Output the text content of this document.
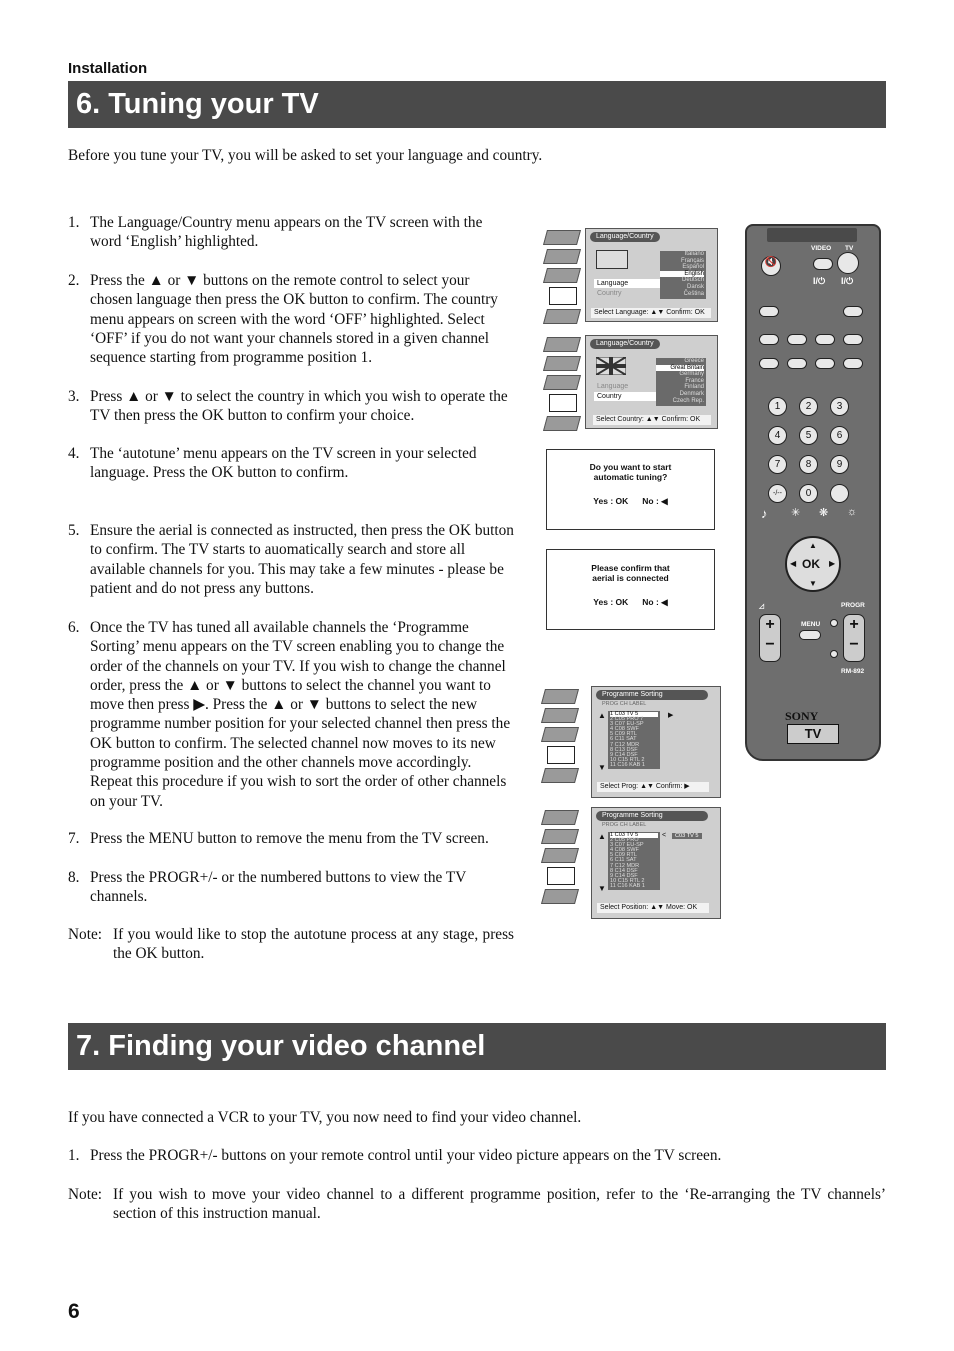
Installation
6. Tuning your TV
Before you tune your TV, you will be asked to set your language and country.
1. The Language/Country menu appears on the TV screen with the word ‘English’ highlighted.
2. Press the ▲ or ▼ buttons on the remote control to select your chosen language then press the OK button to confirm. The country menu appears on screen with the word ‘OFF’ highlighted. Select ‘OFF’ if you do not want your channels stored in a given channel sequence starting from programme position 1.
3. Press ▲ or ▼ to select the country in which you wish to operate the TV then press the OK button to confirm your choice.
4. The ‘autotune’ menu appears on the TV screen in your selected language. Press the OK button to confirm.
5. Ensure the aerial is connected as instructed, then press the OK button to confirm. The TV starts to auomatically search and store all available channels for you. This may take a few minutes - please be patient and do not press any buttons.
6. Once the TV has tuned all available channels the ‘Programme Sorting’ menu appears on the TV screen enabling you to change the order of the channels on your TV. If you wish to change the channel order, press the ▲ or ▼ buttons to select the channel you want to move then press ▶. Press the ▲ or ▼ buttons to select the new programme number position for your selected channel then press the OK button to confirm. The selected channel now moves to its new programme position and the other channels move accordingly. Repeat this procedure if you wish to sort the order of other channels on your TV.
7. Press the MENU button to remove the menu from the TV screen.
8. Press the PROGR+/- or the numbered buttons to view the TV channels.
Note: If you would like to stop the autotune process at any stage, press the OK button.
Language/Country
Language
Country
Italiano
Français
Español
English
Deutsch
Dansk
Čeština
Select Language: ▲▼ Confirm: OK
Language/Country
Language
Country
Greece
Great Britain
Germany
France
Finland
Denmark
Czech Rep.
Select Country: ▲▼ Confirm: OK
Do you want to start
automatic tuning?
Yes : OK No : ◀
Please confirm that
aerial is connected
Yes : OK No : ◀
Programme Sorting
PROG CH LABEL
▲
▼
▶
1 C03 TV 5
2 C05 PRO 7
3 C07 EU-SP
4 C08 SWF
5 C09 RTL
6 C11 SAT
7 C12 MDR
8 C13 DSF
9 C14 DSF
10 C15 RTL 2
11 C16 KAB 1
Select Prog: ▲▼ Confirm: ▶
Programme Sorting
PROG CH LABEL
▲
▼
1 C03 TV 5
2 C05 PRO
3 C07 EU-SP
4 C08 SWF
5 C09 RTL
6 C11 SAT
7 C12 MDR
8 C14 DSF
9 C14 DSF
10 C15 RTL 2
11 C16 KAB 1
<	C03 TV 5
Select Position: ▲▼ Move: OK
VIDEO TV
🔇
I/⏻ I/⏻
1	2	3
4	5	6
7	8	9
-/--	0
♪ ✳ ❋ ☼
▲
▼
◀	▶
OK
◿	PROGR
+
−
+
−
MENU
RM-892
SONY
TV
7. Finding your video channel
If you have connected a VCR to your TV, you now need to find your video channel.
1. Press the PROGR+/- buttons on your remote control until your video picture appears on the TV screen.
Note: If you wish to move your video channel to a different programme position, refer to the ‘Re-arranging the TV channels’ section of this instruction manual.
6
